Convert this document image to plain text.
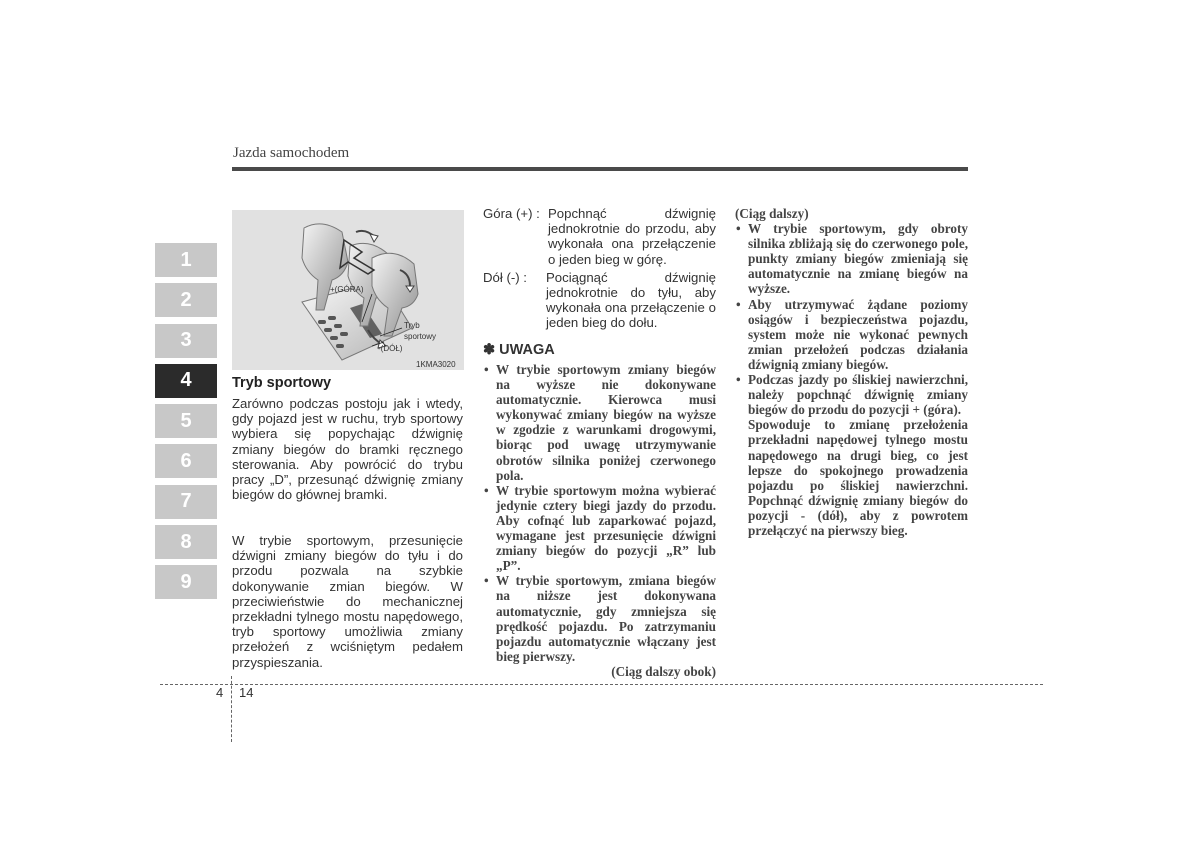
Jazda samochodem
1
2
3
4
5
6
7
8
9
+(GÓRA)
Tryb
sportowy
-(DÓŁ)
1KMA3020
Tryb sportowy
Zarówno podczas postoju jak i wtedy, gdy pojazd jest w ruchu, tryb sportowy wybiera się popychając dźwignię zmiany biegów do bramki ręcznego sterowania. Aby powrócić do trybu pracy „D”, przesunąć dźwignię zmiany biegów do głównej bramki.
W trybie sportowym, przesunięcie dźwigni zmiany biegów do tyłu i do przodu pozwala na szybkie dokonywanie zmian biegów. W przeciwieństwie do mechanicznej przekładni tylnego mostu napędowego, tryb sportowy umożliwia zmiany przełożeń z wciśniętym pedałem przyspieszania.
Góra (+) : Popchnąć dźwignię jednokrotnie do przodu, aby wykonała ona przełączenie o jeden bieg w górę.
Dół (-) :	Pociągnąć dźwignię jednokrotnie do tyłu, aby wykonała ona przełączenie o jeden bieg do dołu.
✽ UWAGA
• W trybie sportowym zmiany biegów na wyższe nie dokonywane automatycznie. Kierowca musi wykonywać zmiany biegów na wyższe w zgodzie z warunkami drogowymi, biorąc pod uwagę utrzymywanie obrotów silnika poniżej czerwonego pola.
• W trybie sportowym można wybierać jedynie cztery biegi jazdy do przodu. Aby cofnąć lub zaparkować pojazd, wymagane jest przesunięcie dźwigni zmiany biegów do pozycji „R” lub „P”.
• W trybie sportowym, zmiana biegów na niższe jest dokonywana automatycznie, gdy zmniejsza się prędkość pojazdu. Po zatrzymaniu pojazdu automatycznie włączany jest bieg pierwszy.
(Ciąg dalszy obok)
(Ciąg dalszy)
• W trybie sportowym, gdy obroty silnika zbliżają się do czerwonego pole, punkty zmiany biegów zmieniają się automatycznie na zmianę biegów na wyższe.
• Aby utrzymywać żądane poziomy osiągów i bezpieczeństwa pojazdu, system może nie wykonać pewnych zmian przełożeń podczas działania dźwignią zmiany biegów.
• Podczas jazdy po śliskiej nawierzchni, należy popchnąć dźwignię zmiany biegów do przodu do pozycji + (góra).
Spowoduje to zmianę przełożenia przekładni napędowej tylnego mostu napędowego na drugi bieg, co jest lepsze do spokojnego prowadzenia pojazdu po śliskiej nawierzchni. Popchnąć dźwignię zmiany biegów do pozycji - (dół), aby z powrotem przełączyć na pierwszy bieg.
4 14
